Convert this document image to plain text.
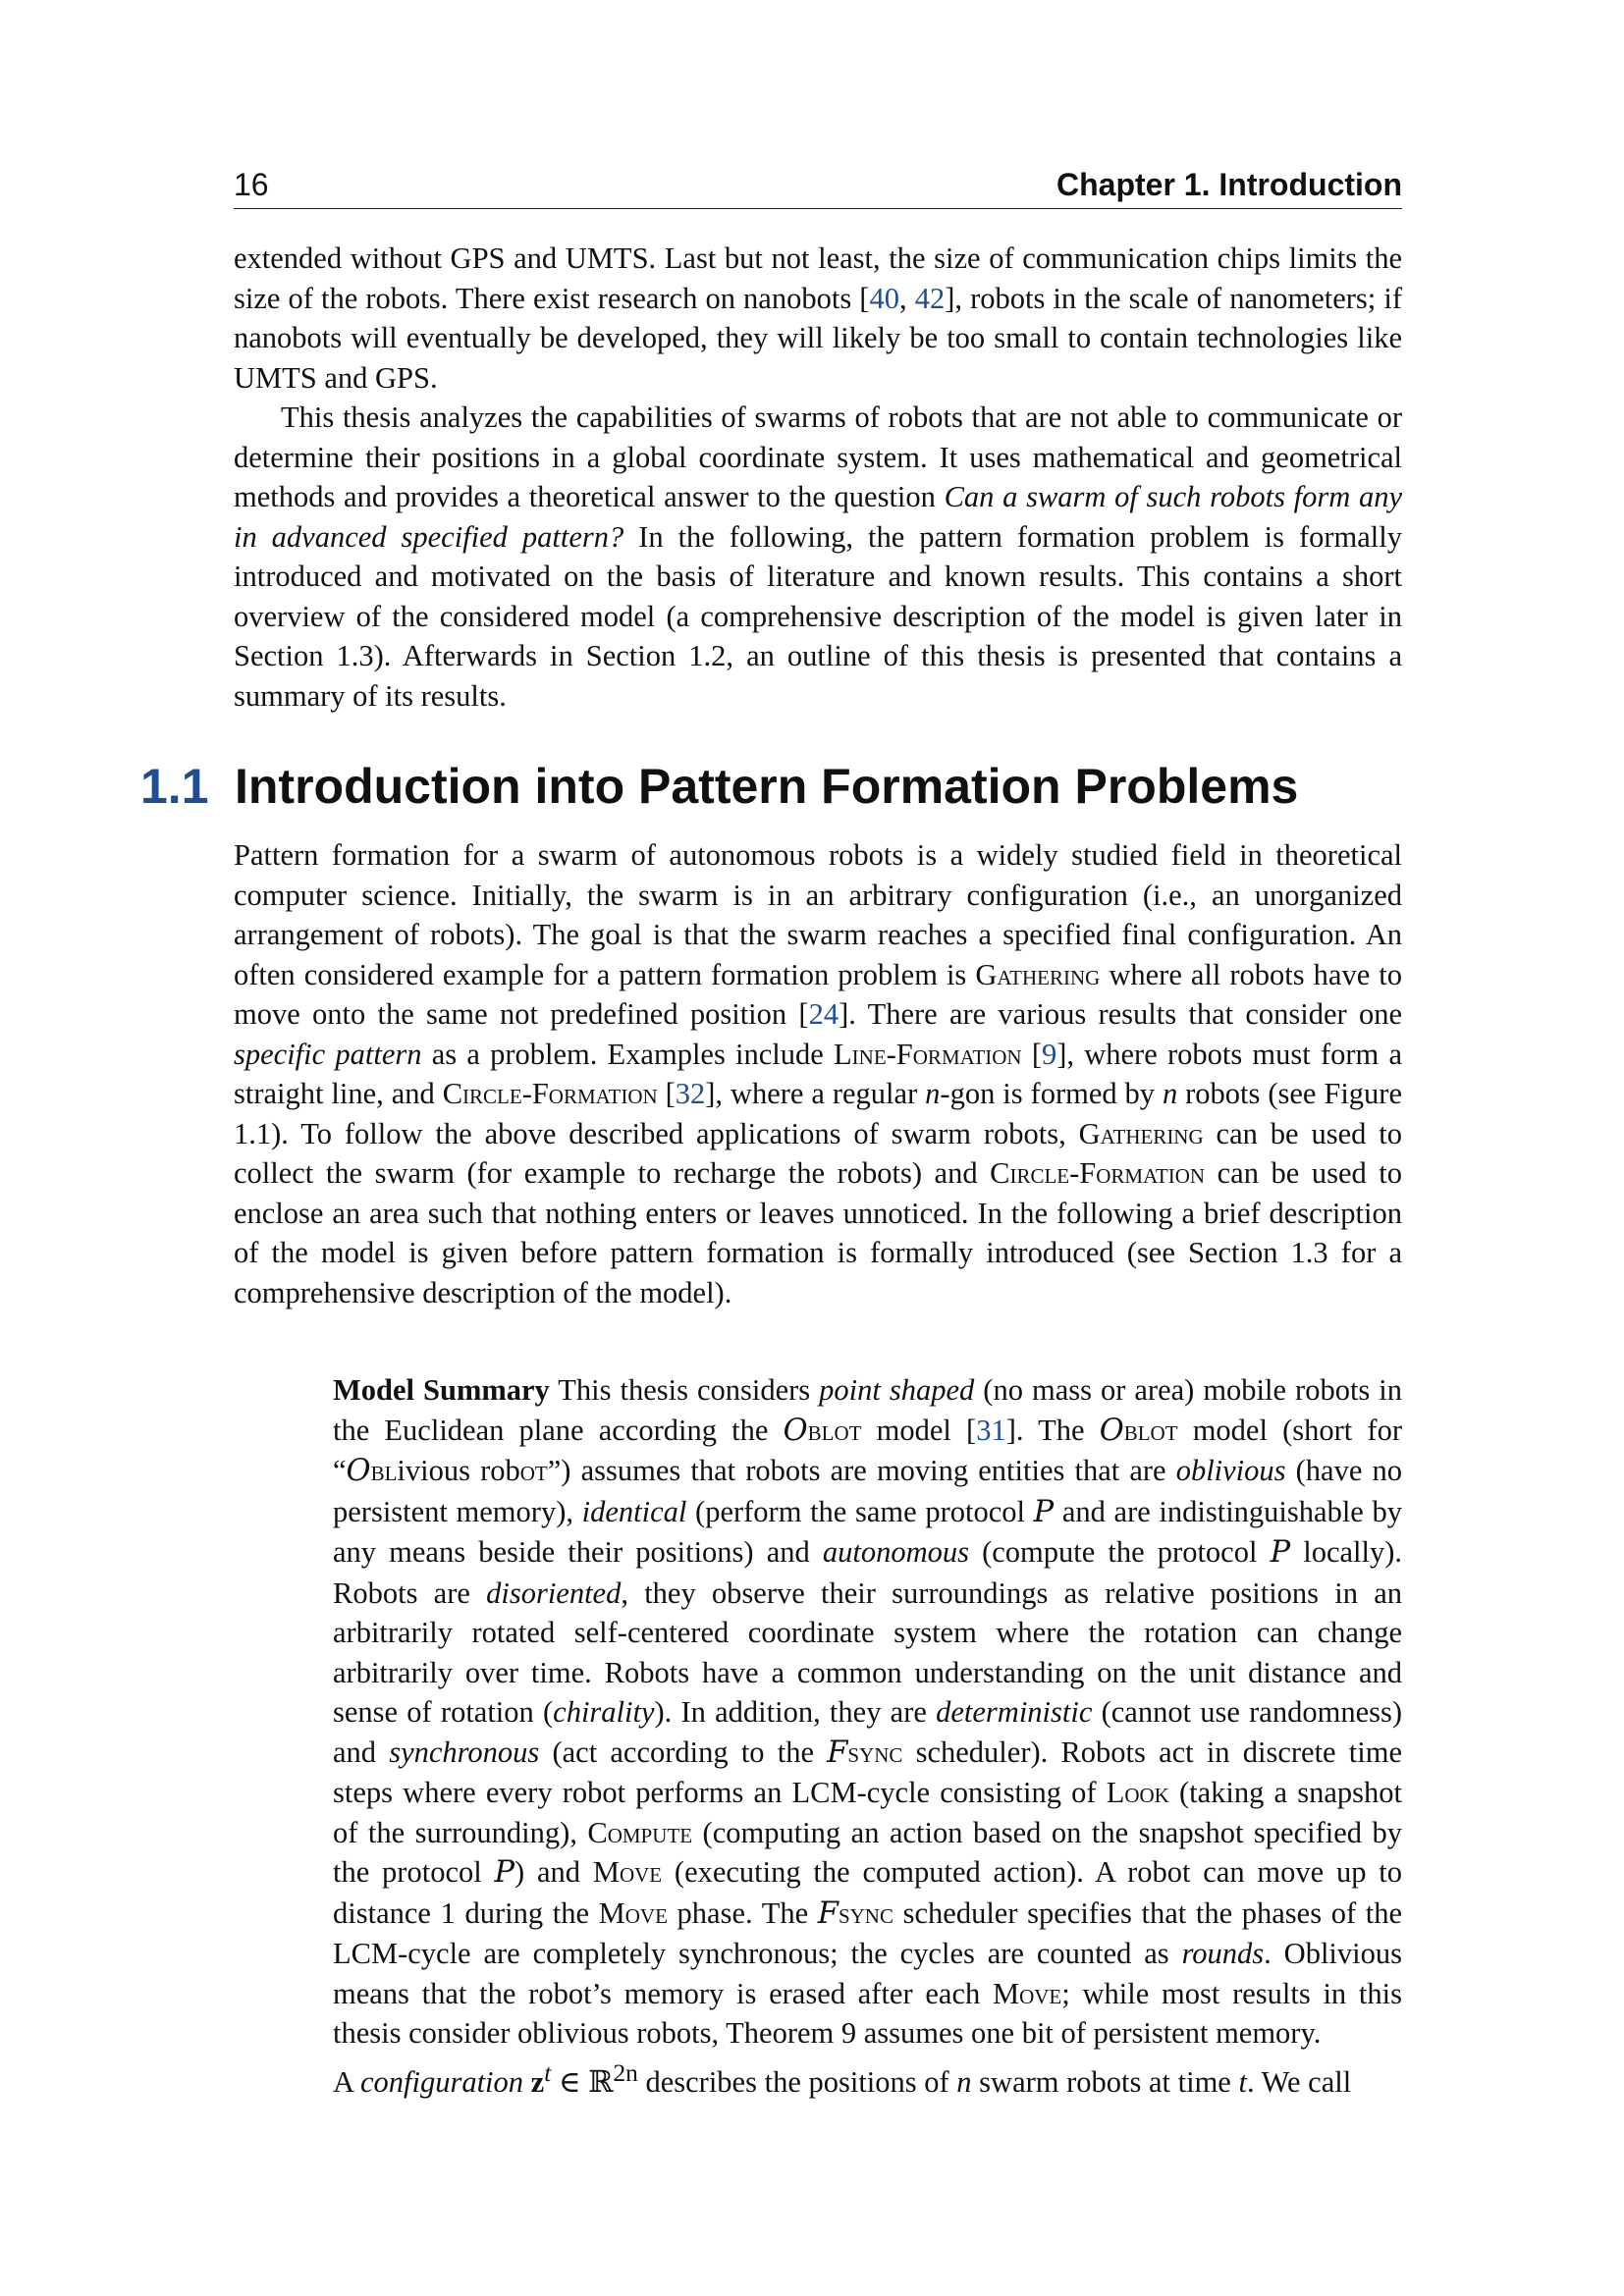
16	Chapter 1. Introduction

extended without GPS and UMTS. Last but not least, the size of communication chips limits the size of the robots. There exist research on nanobots [40, 42], robots in the scale of nanometers; if nanobots will eventually be developed, they will likely be too small to contain technologies like UMTS and GPS.

This thesis analyzes the capabilities of swarms of robots that are not able to communicate or determine their positions in a global coordinate system. It uses mathematical and geometrical methods and provides a theoretical answer to the question Can a swarm of such robots form any in advanced specified pattern? In the following, the pattern formation problem is formally introduced and motivated on the basis of literature and known results. This contains a short overview of the considered model (a comprehensive description of the model is given later in Section 1.3). Afterwards in Section 1.2, an outline of this thesis is presented that contains a summary of its results.

1.1 Introduction into Pattern Formation Problems

Pattern formation for a swarm of autonomous robots is a widely studied field in theoretical computer science. Initially, the swarm is in an arbitrary configuration (i.e., an unorganized arrangement of robots). The goal is that the swarm reaches a specified final configuration. An often considered example for a pattern formation problem is Gathering where all robots have to move onto the same not predefined position [24]. There are various results that consider one specific pattern as a problem. Examples include Line-Formation [9], where robots must form a straight line, and Circle-Formation [32], where a regular n-gon is formed by n robots (see Figure 1.1). To follow the above described applications of swarm robots, Gathering can be used to collect the swarm (for example to recharge the robots) and Circle-Formation can be used to enclose an area such that nothing enters or leaves unnoticed. In the following a brief description of the model is given before pattern formation is formally introduced (see Section 1.3 for a comprehensive description of the model).

Model Summary This thesis considers point shaped (no mass or area) mobile robots in the Euclidean plane according the Oblot model [31]. The Oblot model (short for “Oblivious robot”) assumes that robots are moving entities that are oblivious (have no persistent memory), identical (perform the same protocol P and are indistinguishable by any means beside their positions) and autonomous (compute the protocol P locally). Robots are disoriented, they observe their surroundings as relative positions in an arbitrarily rotated self-centered coordinate system where the rotation can change arbitrarily over time. Robots have a common understanding on the unit distance and sense of rotation (chirality). In addition, they are deterministic (cannot use randomness) and synchronous (act according to the Fsync scheduler). Robots act in discrete time steps where every robot performs an LCM-cycle consisting of Look (taking a snapshot of the surrounding), Compute (computing an action based on the snapshot specified by the protocol P) and Move (executing the computed action). A robot can move up to distance 1 during the Move phase. The Fsync scheduler specifies that the phases of the LCM-cycle are completely synchronous; the cycles are counted as rounds. Oblivious means that the robot’s memory is erased after each Move; while most results in this thesis consider oblivious robots, Theorem 9 assumes one bit of persistent memory.

A configuration $z^t$ ∈ ℝ$^{2n}$ describes the positions of n swarm robots at time t. We call
